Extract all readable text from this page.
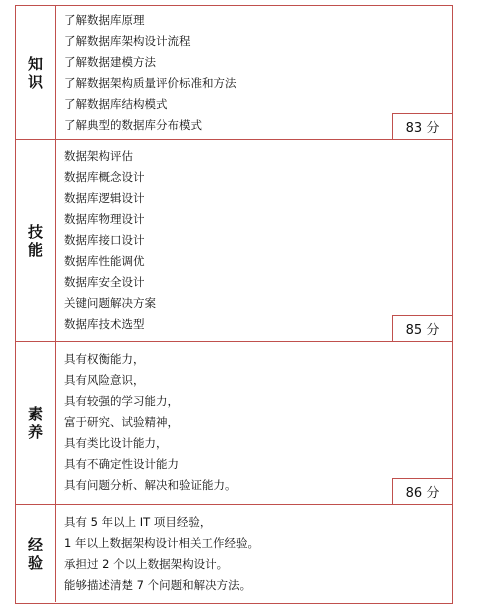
知识
了解数据库原理
了解数据库架构设计流程
了解数据建模方法
了解数据架构质量评价标准和方法
了解数据库结构模式
了解典型的数据库分布模式	83 分
技能
数据架构评估
数据库概念设计
数据库逻辑设计
数据库物理设计
数据库接口设计
数据库性能调优
数据库安全设计
关键问题解决方案
数据库技术选型	85 分
素养
具有权衡能力，
具有风险意识，
具有较强的学习能力，
富于研究、试验精神，
具有类比设计能力，
具有不确定性设计能力
具有问题分析、解决和验证能力。
86 分
经验
具有 5 年以上 IT 项目经验，
1 年以上数据架构设计相关工作经验。
承担过 2 个以上数据架构设计。
能够描述清楚 7 个问题和解决方法。
